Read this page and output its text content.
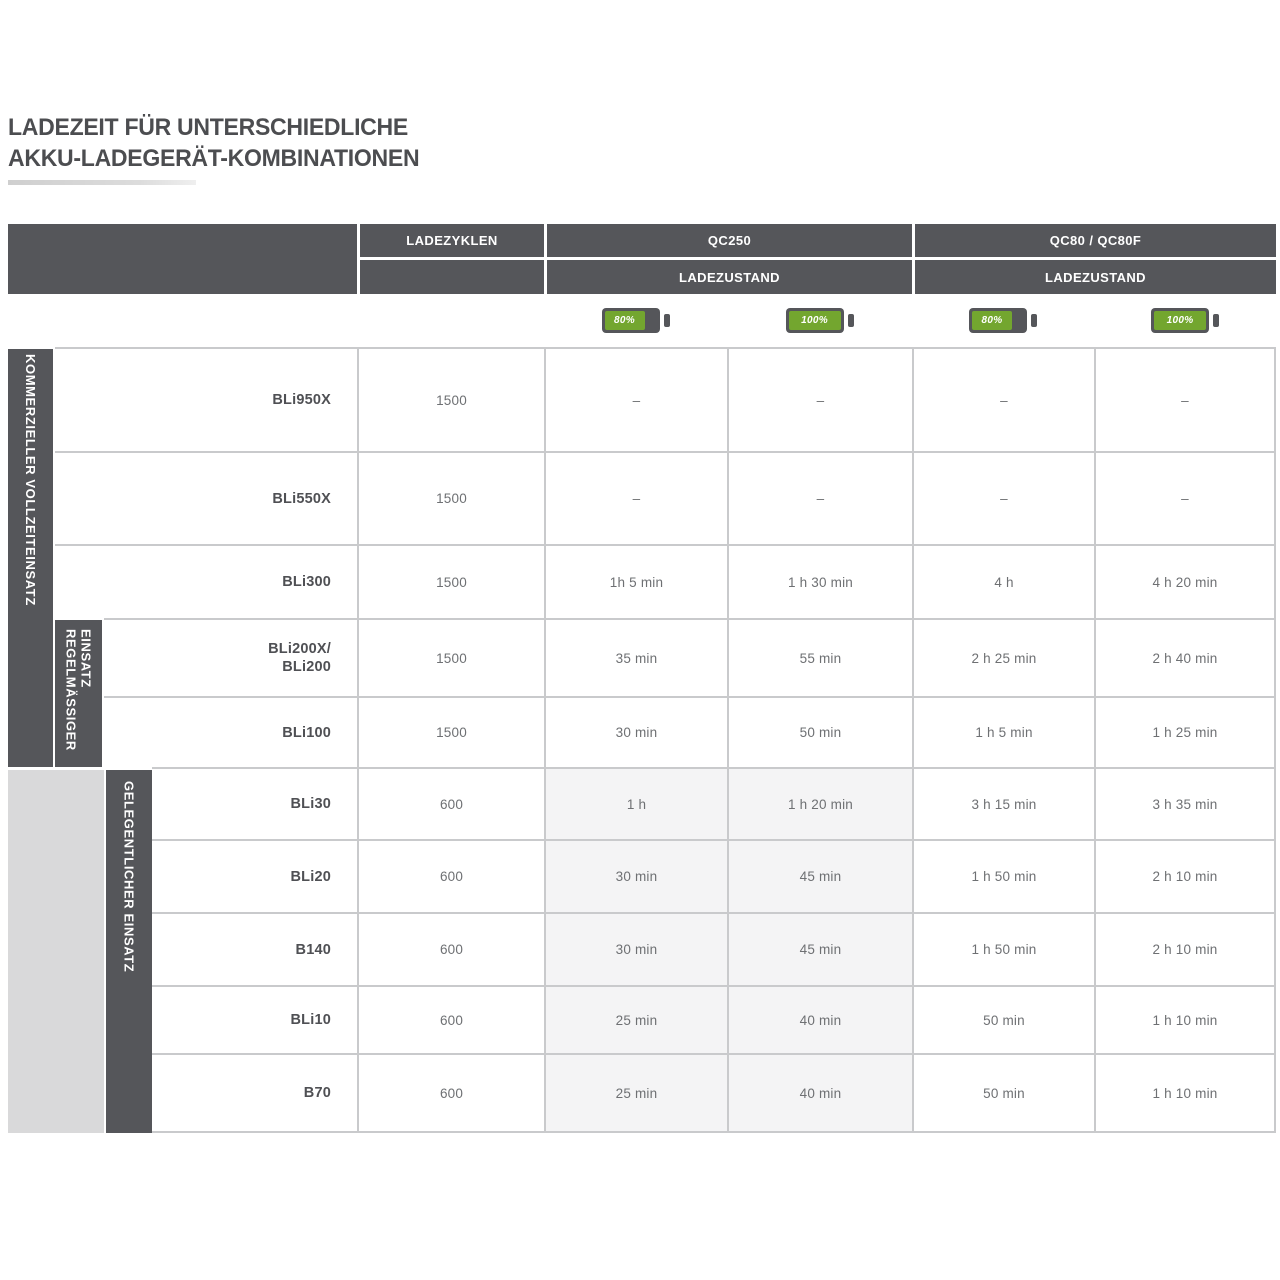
LADEZEIT FÜR UNTERSCHIEDLICHE
AKKU-LADEGERÄT-KOMBINATIONEN
LADEZYKLEN	QC250
LADEZUSTAND
QC80 / QC80F
LADEZUSTAND
80%	100%	80%	100%
KOMMERZIELLER VOLLZEITEINSATZ
REGELMÄSSIGER EINSATZ
GELEGENTLICHER EINSATZ
BLi950X	1500	–	–	–	–
BLi550X	1500	–	–	–	–
BLi300	1500	1h 5 min	1 h 30 min	4 h	4 h 20 min
BLi200X/
BLi200
1500	35 min	55 min	2 h 25 min	2 h 40 min
BLi100	1500	30 min	50 min	1 h 5 min	1 h 25 min
BLi30	600	1 h	1 h 20 min	3 h 15 min	3 h 35 min
BLi20	600	30 min	45 min	1 h 50 min	2 h 10 min
B140	600	30 min	45 min	1 h 50 min	2 h 10 min
BLi10	600	25 min	40 min	50 min	1 h 10 min
B70	600	25 min	40 min	50 min	1 h 10 min
